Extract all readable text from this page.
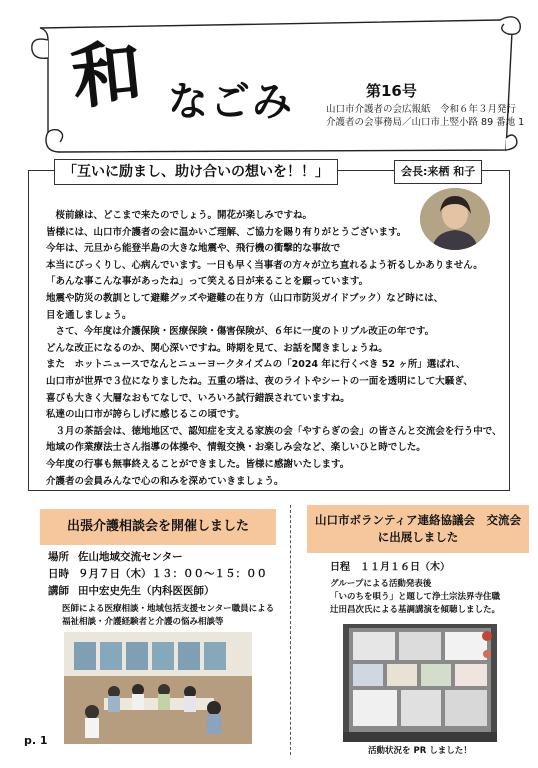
和 なごみ	第16号
山口市介護者の会広報紙　令和６年３月発行
介護者の会事務局／山口市上竪小路 89 番地 1
「互いに励まし、助け合いの想いを！！」	会長:来栖 和子

　桜前線は、どこまで来たのでしょう。開花が楽しみですね。

皆様には、山口市介護者の会に温かいご理解、ご協力を賜り有りがとうございます。

今年は、元旦から能登半島の大きな地震や、飛行機の衝撃的な事故で

本当にびっくりし、心病んでいます。一日も早く当事者の方々が立ち直れるよう祈るしかありません。

「あんな事こんな事があったね」って笑える日が来ることを願っています。

地震や防災の教訓として避難グッズや避難の在り方（山口市防災ガイドブック）など時には、

目を通しましょう。

　さて、今年度は介護保険・医療保険・傷害保険が、６年に一度のトリプル改正の年です。

どんな改正になるのか、関心深いですね。時期を見て、お話を聞きましょうね。

また　ホットニュースでなんとニューヨークタイズムの「2024 年に行くべき 52 ヶ所」選ばれ、

山口市が世界で３位になりましたね。五重の塔は、夜のライトやシートの一面を透明にして大騒ぎ、

喜びも大きく大層なおもてなしで、いろいろ試行錯誤されていますね。

私達の山口市が誇らしげに感じるこの頃です。

　３月の茶話会は、徳地地区で、認知症を支える家族の会「やすらぎの会」の皆さんと交流会を行う中で、

地域の作業療法士さん指導の体操や、情報交換・お楽しみ会など、楽しいひと時でした。

今年度の行事も無事終えることができました。皆様に感謝いたします。

介護者の会員みんなで心の和みを深めていきましょう。

出張介護相談会を開催しました
場所 佐山地域交流センター
日時 ９月７日（木）１３：００～１５：００
講師 田中宏史先生（内科医医師）
医師による医療相談・地域包括支援センター職員による
福祉相談・介護経験者と介護の悩み相談等
p. 1
山口市ボランティア連絡協議会　交流会
に出展しました
日程　 １１月１６日（木）
グループによる活動発表後
「いのちを唄う」と題して浄土宗法界寺住職
辻田昌次氏による基調講演を傾聴しました。
活動状況を PR しました！
